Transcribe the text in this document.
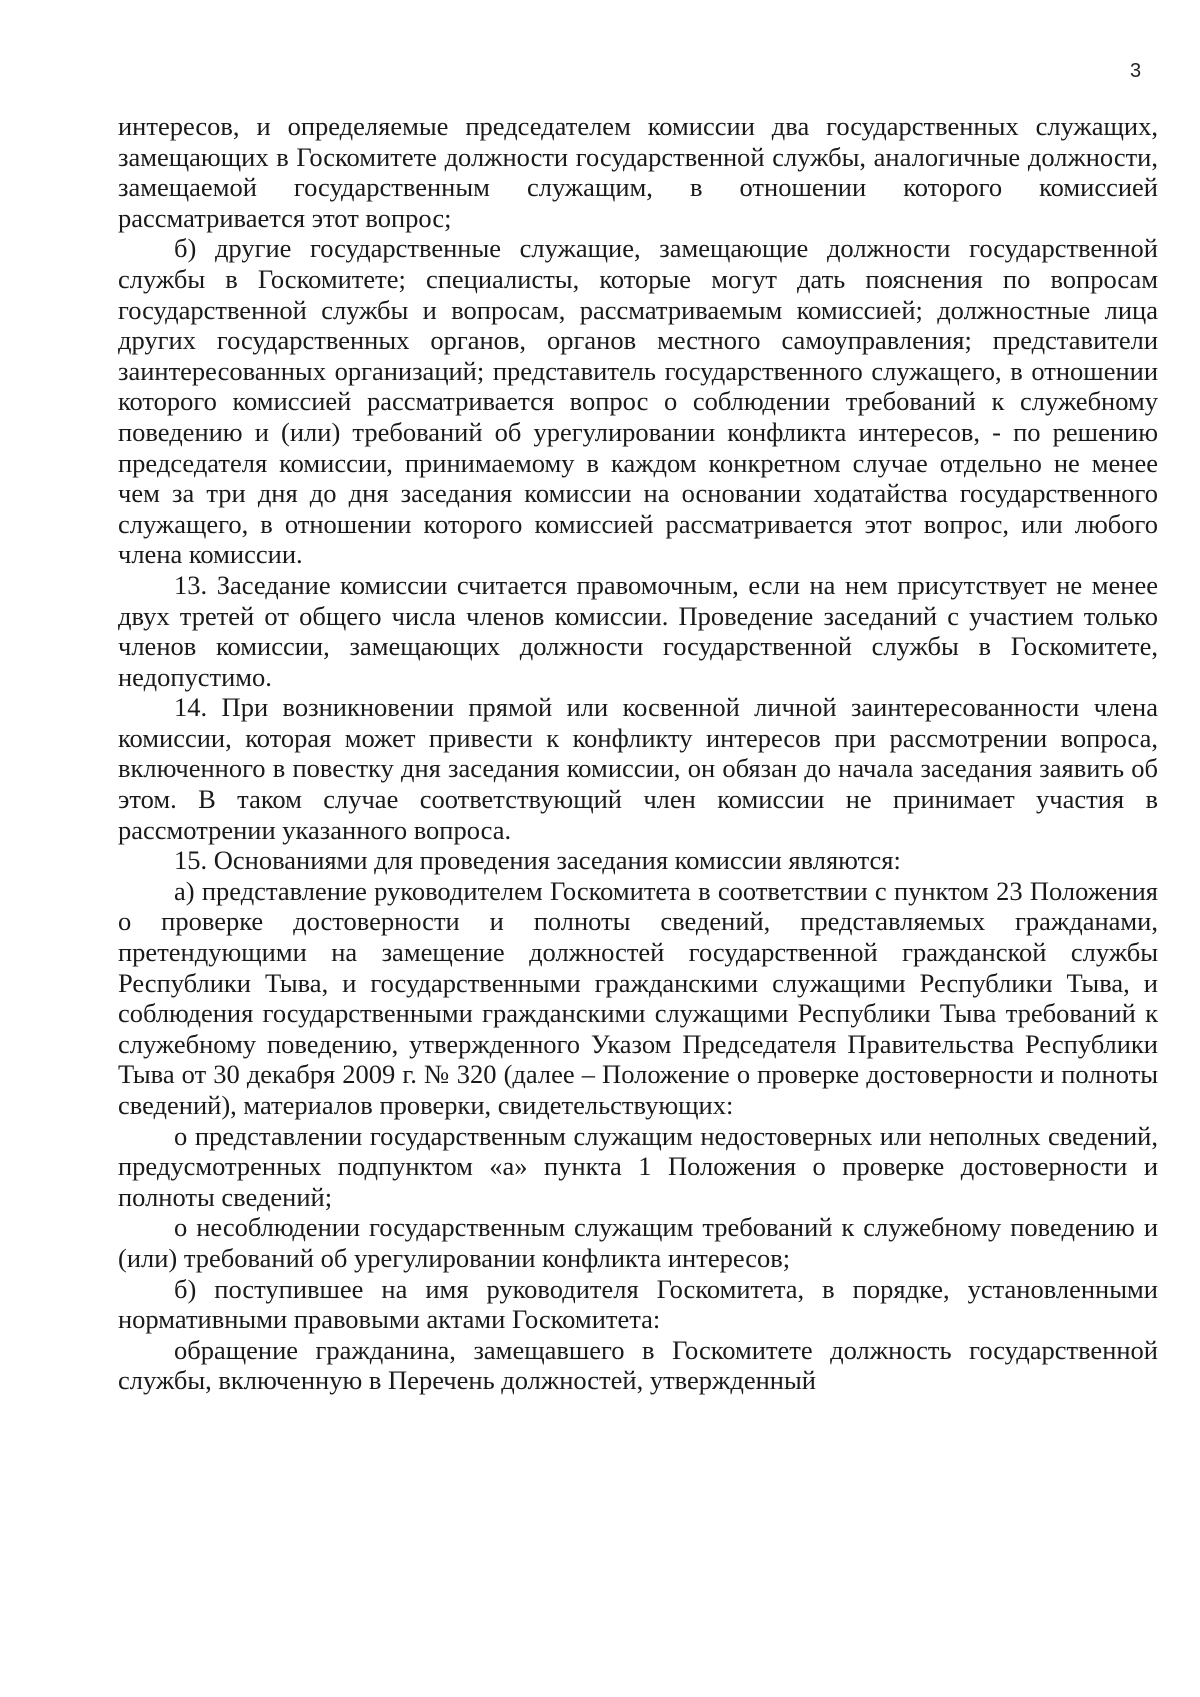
3

интересов, и определяемые председателем комиссии два государственных служащих, замещающих в Госкомитете должности государственной службы, аналогичные должности, замещаемой государственным служащим, в отношении которого комиссией рассматривается этот вопрос;

б) другие государственные служащие, замещающие должности государственной службы в Госкомитете; специалисты, которые могут дать пояснения по вопросам государственной службы и вопросам, рассматриваемым комиссией; должностные лица других государственных органов, органов местного самоуправления; представители заинтересованных организаций; представитель государственного служащего, в отношении которого комиссией рассматривается вопрос о соблюдении требований к служебному поведению и (или) требований об урегулировании конфликта интересов, - по решению председателя комиссии, принимаемому в каждом конкретном случае отдельно не менее чем за три дня до дня заседания комиссии на основании ходатайства государственного служащего, в отношении которого комиссией рассматривается этот вопрос, или любого члена комиссии.

13. Заседание комиссии считается правомочным, если на нем присутствует не менее двух третей от общего числа членов комиссии. Проведение заседаний с участием только членов комиссии, замещающих должности государственной службы в Госкомитете, недопустимо.

14. При возникновении прямой или косвенной личной заинтересованности члена комиссии, которая может привести к конфликту интересов при рассмотрении вопроса, включенного в повестку дня заседания комиссии, он обязан до начала заседания заявить об этом. В таком случае соответствующий член комиссии не принимает участия в рассмотрении указанного вопроса.

15. Основаниями для проведения заседания комиссии являются:

а) представление руководителем Госкомитета в соответствии с пунктом 23 Положения о проверке достоверности и полноты сведений, представляемых гражданами, претендующими на замещение должностей государственной гражданской службы Республики Тыва, и государственными гражданскими служащими Республики Тыва, и соблюдения государственными гражданскими служащими Республики Тыва требований к служебному поведению, утвержденного Указом Председателя Правительства Республики Тыва от 30 декабря 2009 г. № 320 (далее – Положение о проверке достоверности и полноты сведений), материалов проверки, свидетельствующих:

о представлении государственным служащим недостоверных или неполных сведений, предусмотренных подпунктом «а» пункта 1 Положения о проверке достоверности и полноты сведений;

о несоблюдении государственным служащим требований к служебному поведению и (или) требований об урегулировании конфликта интересов;

б) поступившее на имя руководителя Госкомитета, в порядке, установленными нормативными правовыми актами Госкомитета:

обращение гражданина, замещавшего в Госкомитете должность государственной службы, включенную в Перечень должностей, утвержденный
